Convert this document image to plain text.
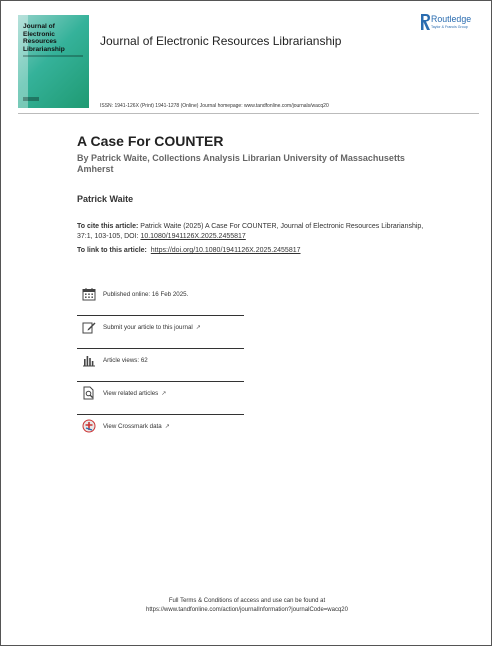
Journal of Electronic Resources Librarianship
Journal of Electronic Resources Librarianship
Routledge
Taylor & Francis Group
ISSN: 1941-126X (Print) 1941-1278 (Online) Journal homepage: www.tandfonline.com/journals/wacq20
A Case For COUNTER
By Patrick Waite, Collections Analysis Librarian University of Massachusetts Amherst
Patrick Waite
To cite this article: Patrick Waite (2025) A Case For COUNTER, Journal of Electronic Resources Librarianship, 37:1, 103-105, DOI: 10.1080/1941126X.2025.2455817
To link to this article: https://doi.org/10.1080/1941126X.2025.2455817
Published online: 16 Feb 2025.
Submit your article to this journal ↗
Article views: 62
View related articles ↗
View Crossmark data ↗
Full Terms & Conditions of access and use can be found at
https://www.tandfonline.com/action/journalInformation?journalCode=wacq20
